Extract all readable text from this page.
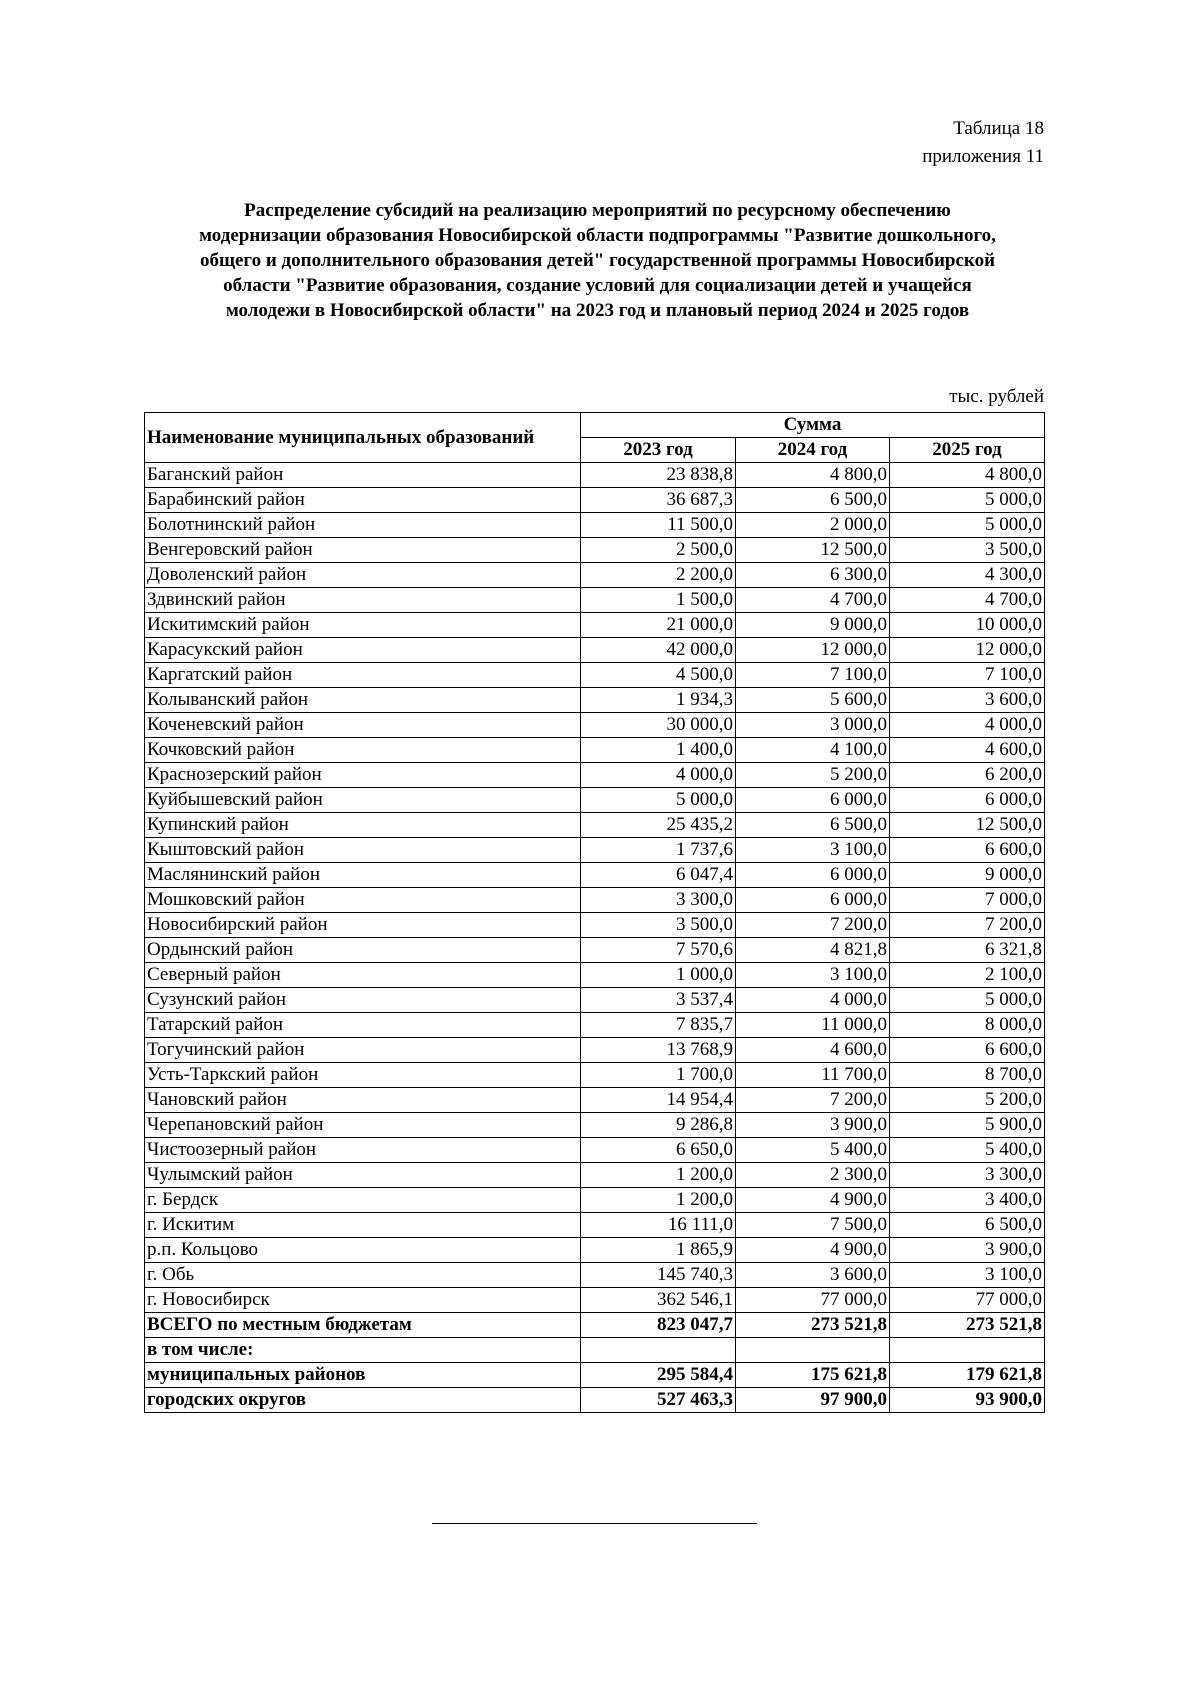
Таблица 18
приложения 11
Распределение субсидий на реализацию мероприятий по ресурсному обеспечению
модернизации образования Новосибирской области подпрограммы "Развитие дошкольного,
общего и дополнительного образования детей" государственной программы Новосибирской
области "Развитие образования, создание условий для социализации детей и учащейся
молодежи в Новосибирской области" на 2023 год и плановый период 2024 и 2025 годов
тыс. рублей
Наименование муниципальных образований	Сумма		
	2023 год	2024 год	2025 год
Баганский район	23 838,8	4 800,0	4 800,0
Барабинский район	36 687,3	6 500,0	5 000,0
Болотнинский район	11 500,0	2 000,0	5 000,0
Венгеровский район	2 500,0	12 500,0	3 500,0
Доволенский район	2 200,0	6 300,0	4 300,0
Здвинский район	1 500,0	4 700,0	4 700,0
Искитимский район	21 000,0	9 000,0	10 000,0
Карасукский район	42 000,0	12 000,0	12 000,0
Каргатский район	4 500,0	7 100,0	7 100,0
Колыванский район	1 934,3	5 600,0	3 600,0
Коченевский район	30 000,0	3 000,0	4 000,0
Кочковский район	1 400,0	4 100,0	4 600,0
Краснозерский район	4 000,0	5 200,0	6 200,0
Куйбышевский район	5 000,0	6 000,0	6 000,0
Купинский район	25 435,2	6 500,0	12 500,0
Кыштовский район	1 737,6	3 100,0	6 600,0
Маслянинский район	6 047,4	6 000,0	9 000,0
Мошковский район	3 300,0	6 000,0	7 000,0
Новосибирский район	3 500,0	7 200,0	7 200,0
Ордынский район	7 570,6	4 821,8	6 321,8
Северный район	1 000,0	3 100,0	2 100,0
Сузунский район	3 537,4	4 000,0	5 000,0
Татарский район	7 835,7	11 000,0	8 000,0
Тогучинский район	13 768,9	4 600,0	6 600,0
Усть-Таркский район	1 700,0	11 700,0	8 700,0
Чановский район	14 954,4	7 200,0	5 200,0
Черепановский район	9 286,8	3 900,0	5 900,0
Чистоозерный район	6 650,0	5 400,0	5 400,0
Чулымский район	1 200,0	2 300,0	3 300,0
г. Бердск	1 200,0	4 900,0	3 400,0
г. Искитим	16 111,0	7 500,0	6 500,0
р.п. Кольцово	1 865,9	4 900,0	3 900,0
г. Обь	145 740,3	3 600,0	3 100,0
г. Новосибирск	362 546,1	77 000,0	77 000,0
ВСЕГО по местным бюджетам	823 047,7	273 521,8	273 521,8
в том числе:			
муниципальных районов	295 584,4	175 621,8	179 621,8
городских округов	527 463,3	97 900,0	93 900,0
